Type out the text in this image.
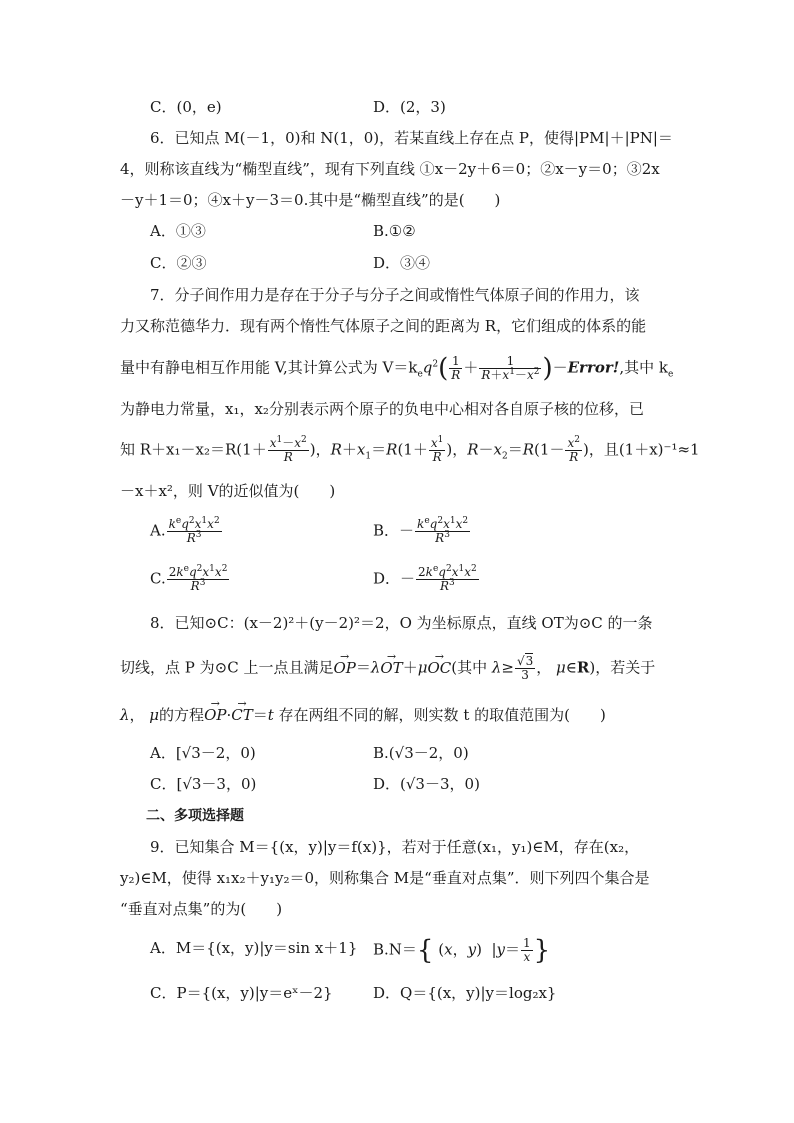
C．(0，e)	D．(2，3)
6．已知点 M(－1，0)和 N(1，0)，若某直线上存在点 P，使得|PM|＋|PN|＝
4，则称该直线为“椭型直线”，现有下列直线 ①x－2y＋6＝0；②x－y＝0；③2x
－y＋1＝0；④x＋y－3＝0.其中是“椭型直线”的是(　　)
A．①③	B.①②
C．②③	D．③④
7．分子间作用力是存在于分子与分子之间或惰性气体原子间的作用力，该
力又称范德华力．现有两个惰性气体原子之间的距离为 R，它们组成的体系的能
量中有静电相互作用能 V,其计算公式为 $V=k_eq^2( \frac{1}{R} + \frac{1}{R+x^1-x^2}$ )－Error!,其中 $k_e$
为静电力常量，x₁，x₂分别表示两个原子的负电中心相对各自原子核的位移，已
知 $R+x_1-x_2=R(1+ \frac{x^1-x^2}{R}$ )，$R+x_1=R(1+ \frac{x^1}{R}$ )，$R-x_2=R(1- \frac{x^2}{R}$ )，且(1＋x)⁻¹≈1
－x＋x²，则 V的近似值为(　　)
A. $\frac{k^eq^2x^1x^2}{R^3}$	B．－ $\frac{k^eq^2x^1x^2}{R^3}$
C. $\frac{2k^eq^2x^1x^2}{R^3}$	D．－ $\frac{2k^eq^2x^1x^2}{R^3}$
8．已知⊙C：(x－2)²＋(y－2)²＝2，O 为坐标原点，直线 OT为⊙C 的一条
切线，点 P 为⊙C 上一点且满足→ OP＝λ→ OT＋μ→ OC(其中 $\lambda\ge \frac{√3}{3}$ ， μ∈R)，若关于
λ， μ的方程→ OP·→ CT＝t 存在两组不同的解，则实数 t 的取值范围为(　　)
A．[√3－2，0)	B.(√3－2，0)
C．[√3－3，0)	D．(√3－3，0)
二、多项选择题
9．已知集合 M＝{(x，y)|y＝f(x)}，若对于任意(x₁，y₁)∈M，存在(x₂，
y₂)∈M，使得 x₁x₂＋y₁y₂＝0，则称集合 M是“垂直对点集”．则下列四个集合是
“垂直对点集”的为(　　)
A．M＝{(x，y)|y＝sin x＋1} B.N＝{ (x，y)  $|y= \frac{1}{x}$ }
C．P＝{(x，y)|y＝eˣ－2}	D．Q＝{(x，y)|y＝log₂x}
